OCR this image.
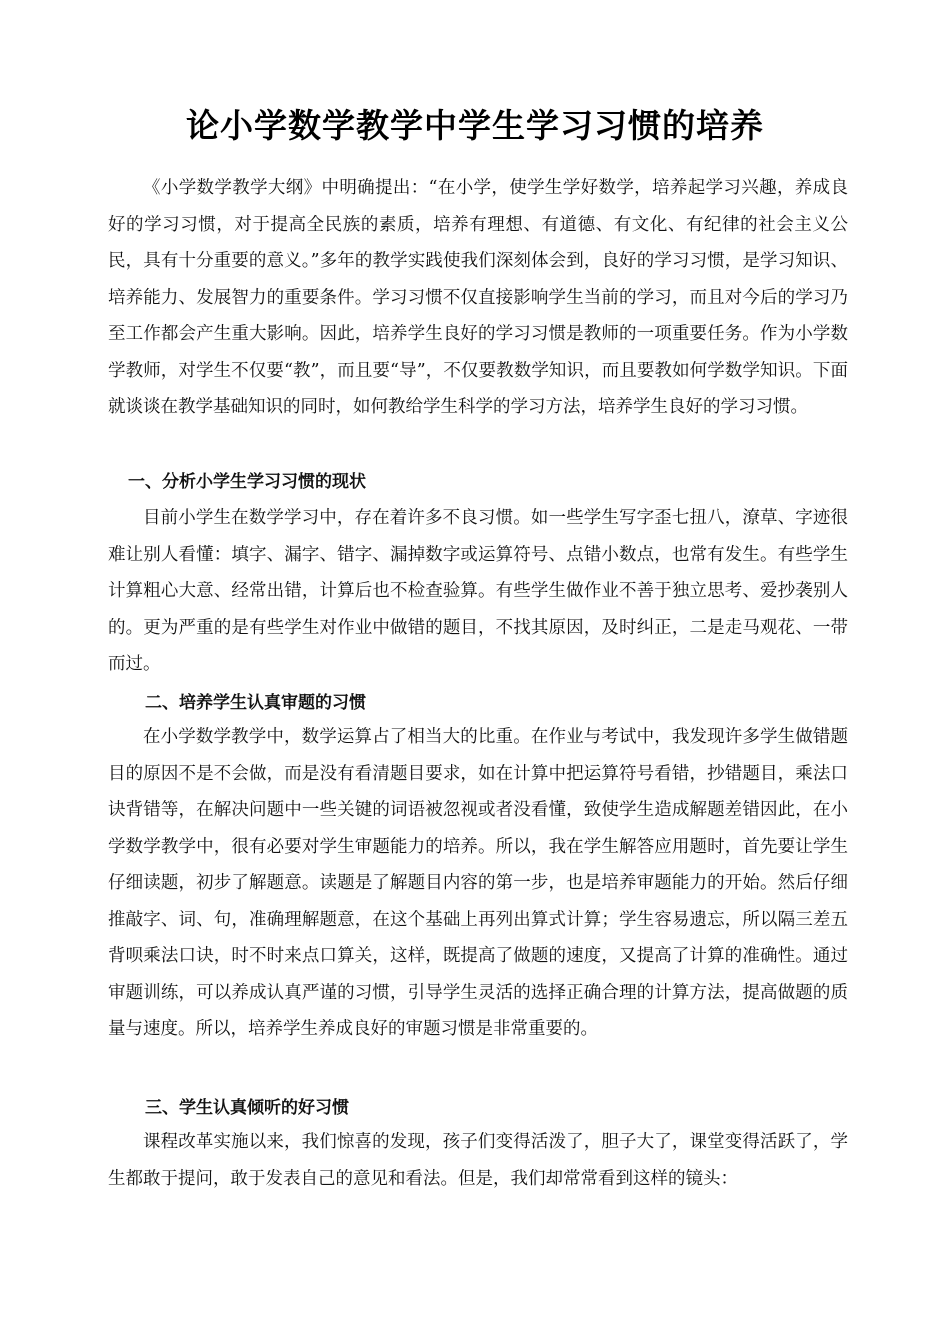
论小学数学教学中学生学习习惯的培养

《小学数学教学大纲》中明确提出：“在小学，使学生学好数学，培养起学习兴趣，养成良好的学习习惯，对于提高全民族的素质，培养有理想、有道德、有文化、有纪律的社会主义公民，具有十分重要的意义。”多年的教学实践使我们深刻体会到，良好的学习习惯，是学习知识、培养能力、发展智力的重要条件。学习习惯不仅直接影响学生当前的学习，而且对今后的学习乃至工作都会产生重大影响。因此，培养学生良好的学习习惯是教师的一项重要任务。作为小学数学教师，对学生不仅要“教”，而且要“导”，不仅要教数学知识，而且要教如何学数学知识。下面就谈谈在教学基础知识的同时，如何教给学生科学的学习方法，培养学生良好的学习习惯。

一、分析小学生学习习惯的现状

目前小学生在数学学习中，存在着许多不良习惯。如一些学生写字歪七扭八，潦草、字迹很难让别人看懂：填字、漏字、错字、漏掉数字或运算符号、点错小数点，也常有发生。有些学生计算粗心大意、经常出错，计算后也不检查验算。有些学生做作业不善于独立思考、爱抄袭别人的。更为严重的是有些学生对作业中做错的题目，不找其原因，及时纠正，二是走马观花、一带而过。

二、培养学生认真审题的习惯

在小学数学教学中，数学运算占了相当大的比重。在作业与考试中，我发现许多学生做错题目的原因不是不会做，而是没有看清题目要求，如在计算中把运算符号看错，抄错题目，乘法口诀背错等，在解决问题中一些关键的词语被忽视或者没看懂，致使学生造成解题差错因此，在小学数学教学中，很有必要对学生审题能力的培养。所以，我在学生解答应用题时，首先要让学生仔细读题，初步了解题意。读题是了解题目内容的第一步，也是培养审题能力的开始。然后仔细推敲字、词、句，准确理解题意，在这个基础上再列出算式计算；学生容易遗忘，所以隔三差五背呗乘法口诀，时不时来点口算关，这样，既提高了做题的速度，又提高了计算的准确性。通过审题训练，可以养成认真严谨的习惯，引导学生灵活的选择正确合理的计算方法，提高做题的质量与速度。所以，培养学生养成良好的审题习惯是非常重要的。

三、学生认真倾听的好习惯

课程改革实施以来，我们惊喜的发现，孩子们变得活泼了，胆子大了，课堂变得活跃了，学生都敢于提问，敢于发表自己的意见和看法。但是，我们却常常看到这样的镜头：
